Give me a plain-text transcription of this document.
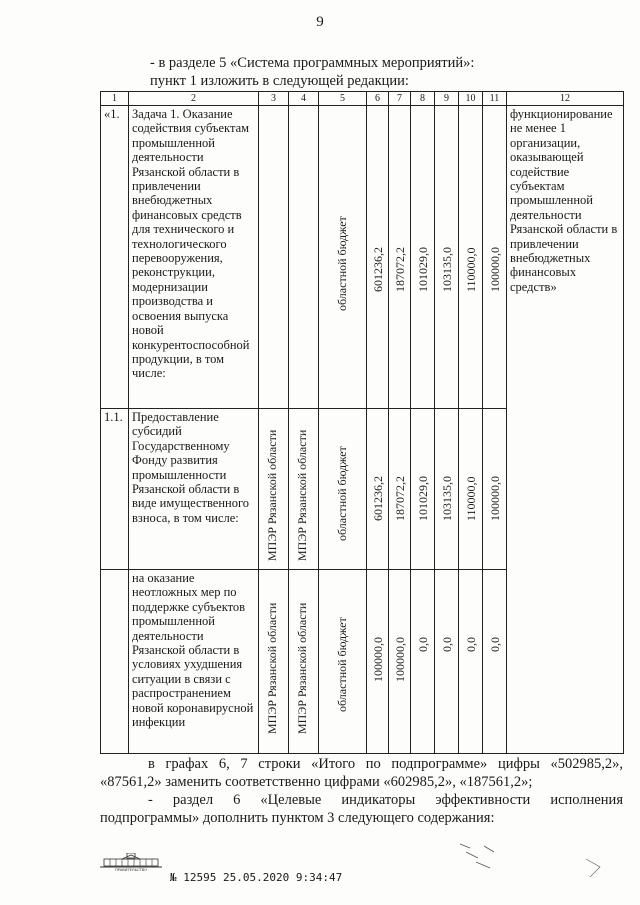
9
- в разделе 5 «Система программных мероприятий»:
пункт 1 изложить в следующей редакции:
1	2	3	4	5	6	7	8	9	10	11	12

«1.	Задача 1. Оказание содействия субъектам промышленной деятельности Рязанской области в привлечении внебюджетных финансовых средств для технического и технологического перевооружения, реконструкции, модернизации производства и освоения выпуска новой конкурентоспособной продукции, в том числе:			областной бюджет	601236,2	187072,2	101029,0	103135,0	110000,0	100000,0	функционирование не менее 1 организации, оказывающей содействие субъектам промышленной деятельности Рязанской области в привлечении внебюджетных финансовых средств»

1.1.	Предоставление субсидий Государственному Фонду развития промышленности Рязанской области в виде имущественного взноса, в том числе:	МПЭР Рязанской области	МПЭР Рязанской области	областной бюджет	601236,2	187072,2	101029,0	103135,0	110000,0	100000,0	

	на оказание неотложных мер по поддержке субъектов промышленной деятельности Рязанской области в условиях ухудшения ситуации в связи с распространением новой коронавирусной инфекции	МПЭР Рязанской области	МПЭР Рязанской области	областной бюджет	100000,0	100000,0	0,0	0,0	0,0	0,0	

в графах 6, 7 строки «Итого по подпрограмме» цифры «502985,2», «87561,2» заменить соответственно цифрами «602985,2», «187561,2»;

- раздел 6 «Целевые индикаторы эффективности исполнения подпрограммы» дополнить пунктом 3 следующего содержания:

ПРАВИТЕЛЬСТВО
№ 12595 25.05.2020 9:34:47
